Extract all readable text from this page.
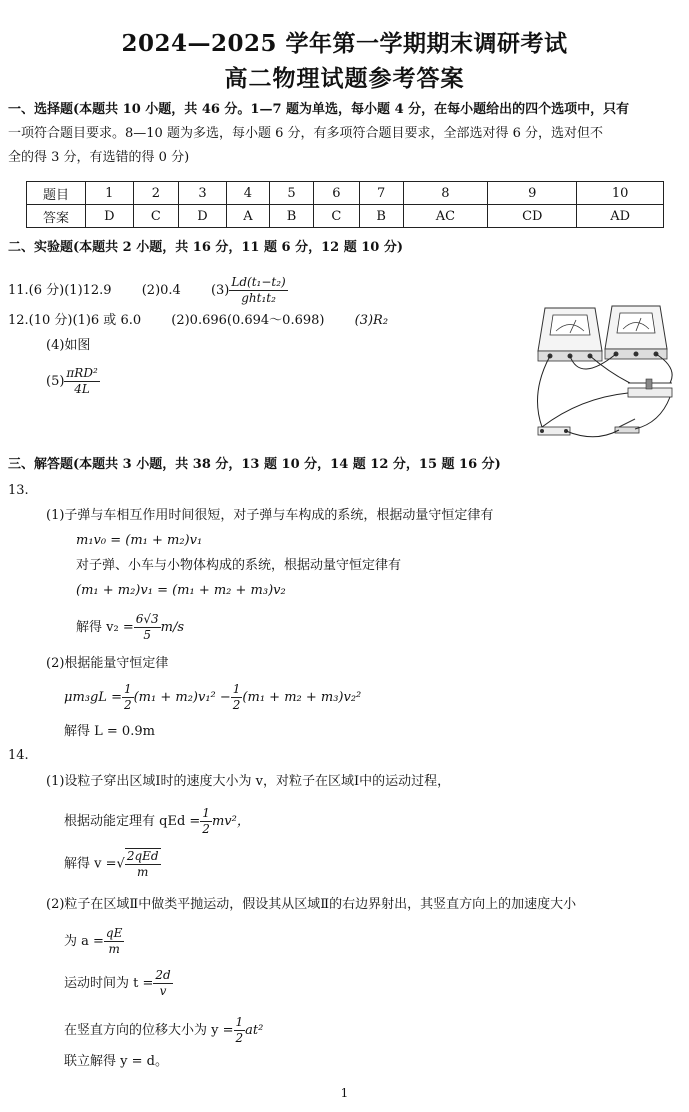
2024—2025 学年第一学期期末调研考试
高二物理试题参考答案
一、选择题(本题共 10 小题，共 46 分。1—7 题为单选，每小题 4 分，在每小题给出的四个选项中，只有
一项符合题目要求。8—10 题为多选，每小题 6 分，有多项符合题目要求，全部选对得 6 分，选对但不
全的得 3 分，有选错的得 0 分)
题目	1	2	3	4	5	6	7	8	9	10
答案	D	C	D	A	B	C	B	AC	CD	AD
二、实验题(本题共 2 小题，共 16 分，11 题 6 分，12 题 10 分)
11.(6 分)(1)12.9 (2)0.4 $(3) \frac{\text{Ld(t₁−t₂)}}{\text{ght₁t₂}}$
12.(10 分)(1)6 或 6.0 (2)0.696(0.694～0.698) (3)R₂
(4)如图
$(5) \frac{\text{πRD²}}{4L}$
三、解答题(本题共 3 小题，共 38 分，13 题 10 分，14 题 12 分，15 题 16 分)
13.
(1)子弹与车相互作用时间很短，对子弹与车构成的系统，根据动量守恒定律有
m₁v₀ = (m₁ + m₂)v₁
对子弹、小车与小物体构成的系统，根据动量守恒定律有
(m₁ + m₂)v₁ = (m₁ + m₂ + m₃)v₂
解得 $v_2 = \frac{6√3}{5} m/s$
(2)根据能量守恒定律
$\mu m_3gL = \frac{1}{2} (m_1 + m_2)v_1^2 - \frac{1}{2} (m_1 + m_2 + m_3)v_2^2$
解得 L = 0.9m
14.
(1)设粒子穿出区域Ⅰ时的速度大小为 v，对粒子在区域Ⅰ中的运动过程，
根据动能定理有 qEd = $\frac{1}{2} mv^2$，
解得 v =√ $\frac{\text{2qEd}}{m}$
(2)粒子在区域Ⅱ中做类平抛运动，假设其从区域Ⅱ的右边界射出，其竖直方向上的加速度大小
为 $a = \frac{qE}{m}$
运动时间为 $t = \frac{2d}{v}$
在竖直方向的位移大小为 $y = \frac{1}{2} at^2$
联立解得 y = d。
1
